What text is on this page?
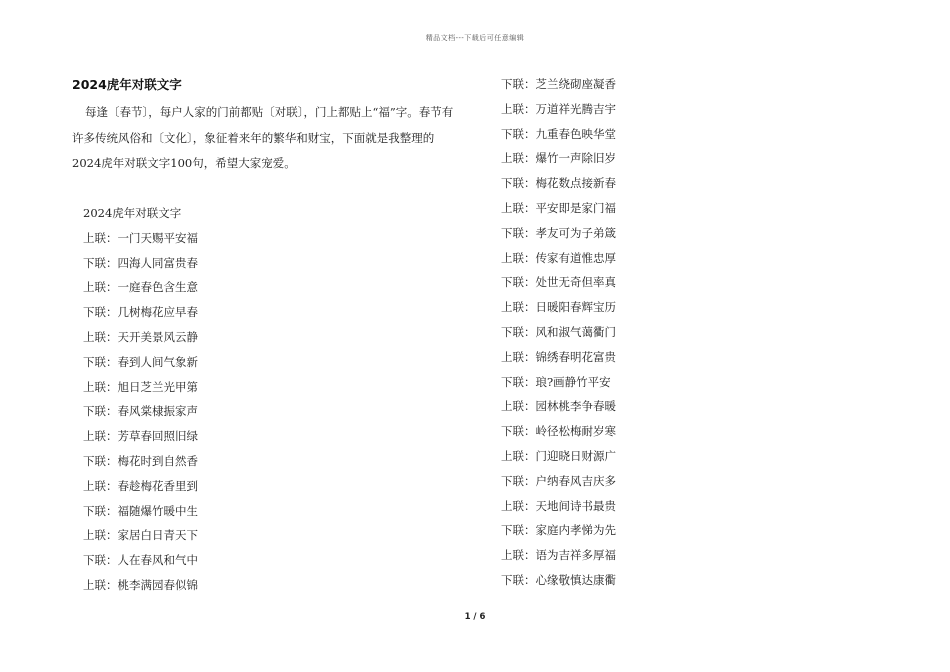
精品文档---下载后可任意编辑
2024虎年对联文字
每逢〔春节〕，每户人家的门前都贴〔对联〕，门上都贴上“福”字。春节有许多传统风俗和〔文化〕，象征着来年的繁华和财宝，下面就是我整理的2024虎年对联文字100句，希望大家宠爱。
2024虎年对联文字
上联：一门天赐平安福
下联：四海人同富贵春
上联：一庭春色含生意
下联：几树梅花应早春
上联：天开美景风云静
下联：春到人间气象新
上联：旭日芝兰光甲第
下联：春风棠棣振家声
上联：芳草春回照旧绿
下联：梅花时到自然香
上联：春趁梅花香里到
下联：福随爆竹暖中生
上联：家居白日青天下
下联：人在春风和气中
上联：桃李满园春似锦
下联：芝兰绕砌座凝香
上联：万道祥光腾吉宇
下联：九重春色映华堂
上联：爆竹一声除旧岁
下联：梅花数点接新春
上联：平安即是家门福
下联：孝友可为子弟箴
上联：传家有道惟忠厚
下联：处世无奇但率真
上联：日暖阳春辉宝历
下联：风和淑气蔼衢门
上联：锦绣春明花富贵
下联：琅?画静竹平安
上联：园林桃李争春暖
下联：岭径松梅耐岁寒
上联：门迎晓日财源广
下联：户纳春风吉庆多
上联：天地间诗书最贵
下联：家庭内孝悌为先
上联：语为吉祥多厚福
下联：心缘敬慎达康衢
1 / 6
